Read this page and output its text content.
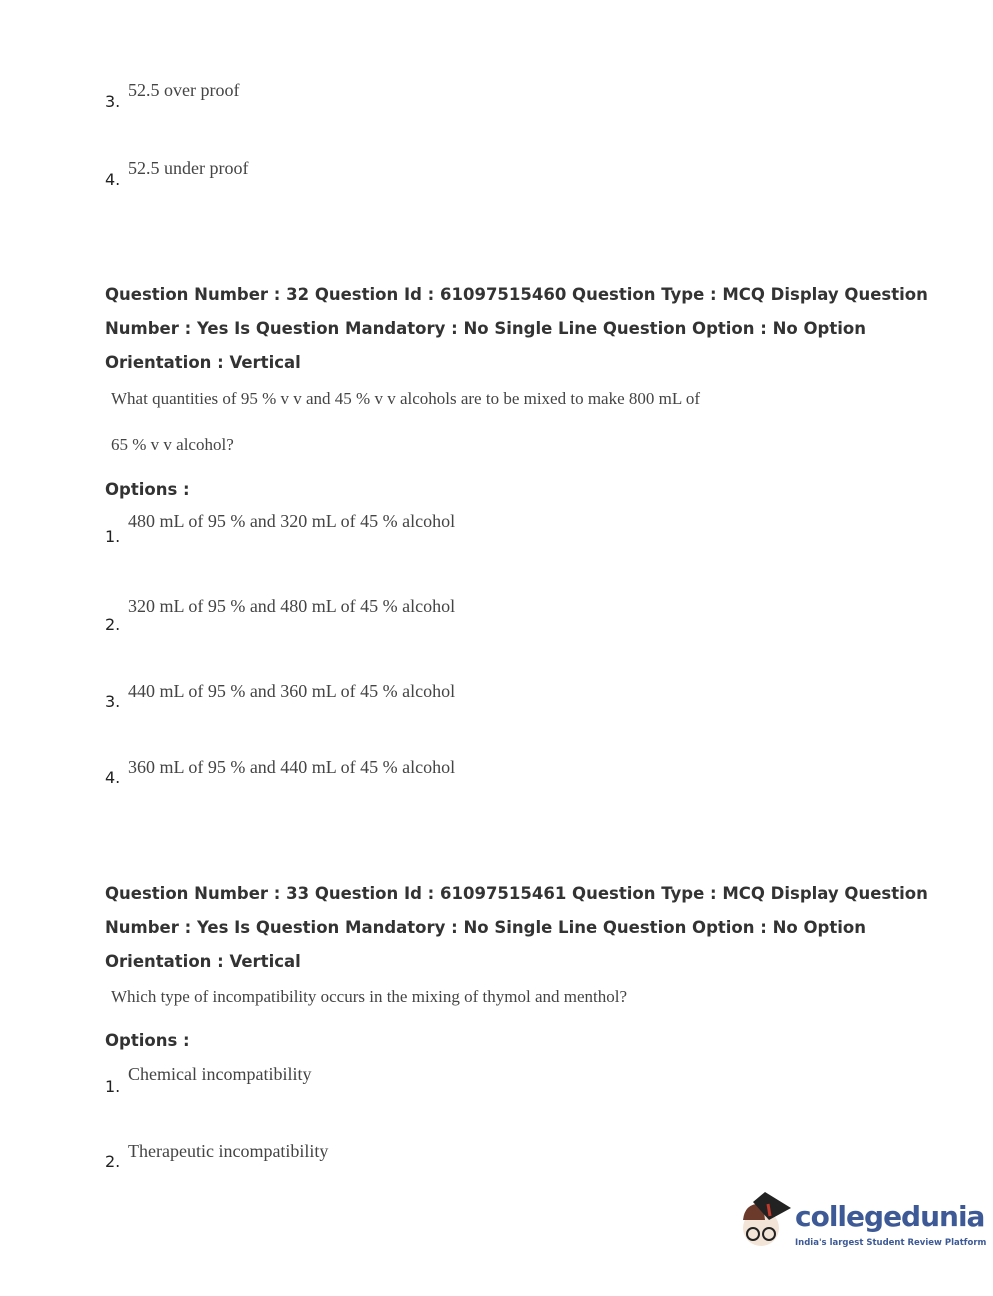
3.
52.5 over proof
4.
52.5 under proof
Question Number : 32 Question Id : 61097515460 Question Type : MCQ Display Question
Number : Yes Is Question Mandatory : No Single Line Question Option : No Option
Orientation : Vertical
What quantities of 95 % v v and 45 % v v alcohols are to be mixed to make 800 mL of
65 % v v alcohol?
Options :
1.
480 mL of 95 % and 320 mL of 45 % alcohol
2.
320 mL of 95 % and 480 mL of 45 % alcohol
3.
440 mL of 95 % and 360 mL of 45 % alcohol
4.
360 mL of 95 % and 440 mL of 45 % alcohol
Question Number : 33 Question Id : 61097515461 Question Type : MCQ Display Question
Number : Yes Is Question Mandatory : No Single Line Question Option : No Option
Orientation : Vertical
Which type of incompatibility occurs in the mixing of thymol and menthol?
Options :
1.
Chemical incompatibility
2.
Therapeutic incompatibility
collegedunia
India's largest Student Review Platform
